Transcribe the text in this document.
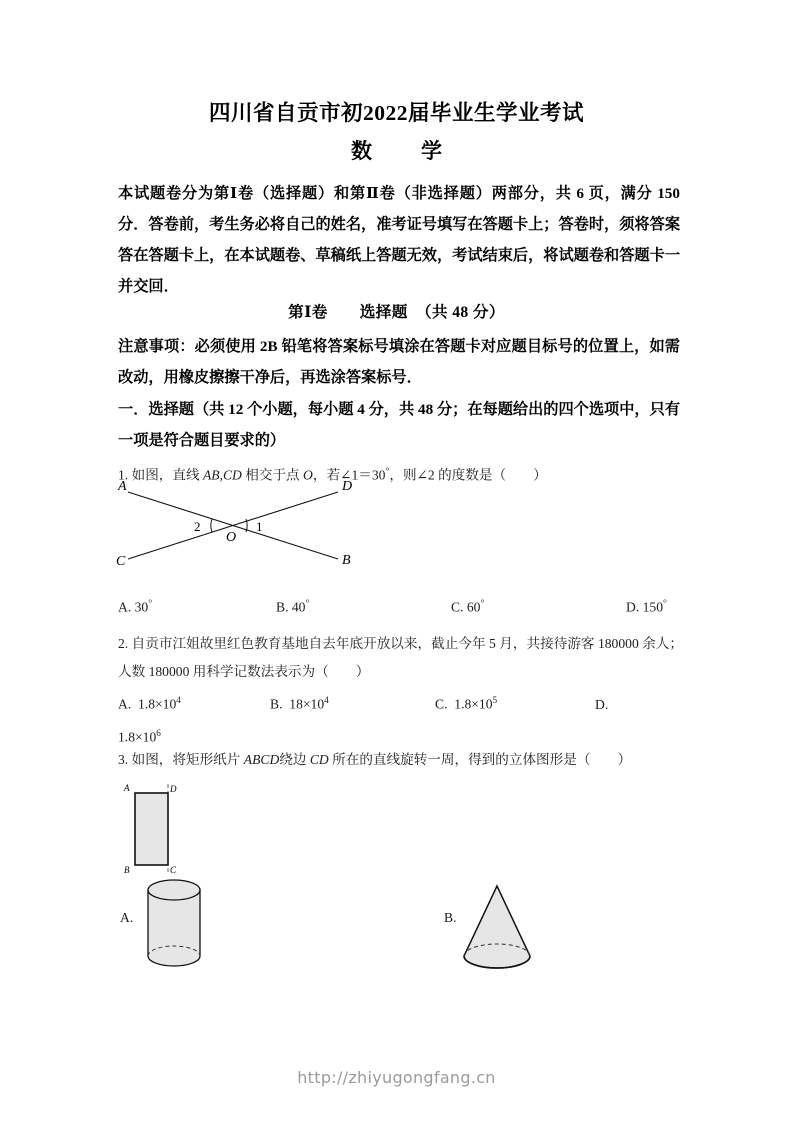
四川省自贡市初2022届毕业生学业考试
数　学
本试题卷分为第Ⅰ卷（选择题）和第Ⅱ卷（非选择题）两部分，共 6 页，满分 150 分．答卷前，考生务必将自己的姓名，准考证号填写在答题卡上；答卷时，须将答案答在答题卡上，在本试题卷、草稿纸上答题无效，考试结束后，将试题卷和答题卡一并交回．
第Ⅰ卷　　选择题　（共 48 分）
注意事项：必须使用 2B 铅笔将答案标号填涂在答题卡对应题目标号的位置上，如需改动，用橡皮擦擦干净后，再选涂答案标号．
一．选择题（共 12 个小题，每小题 4 分，共 48 分；在每题给出的四个选项中，只有一项是符合题目要求的）
1. 如图，直线 AB,CD 相交于点 O，若∠1＝30°，则∠2 的度数是（　　）
A	D
C	B
O
1
2
A. 30°	B. 40°	C. 60°	D. 150°
2. 自贡市江姐故里红色教育基地自去年底开放以来，截止今年 5 月，共接待游客 180000 余人；人数 180000 用科学记数法表示为（　　）
A. $1.8\times 10^4$	B. $18\times 10^4$	C. $1.8\times 10^5$	D.
$1.8\times 10^6$
3. 如图，将矩形纸片 ABCD绕边 CD 所在的直线旋转一周，得到的立体图形是（　　）
A	D
B	C
A.	B.
http://zhiyugongfang.cn
